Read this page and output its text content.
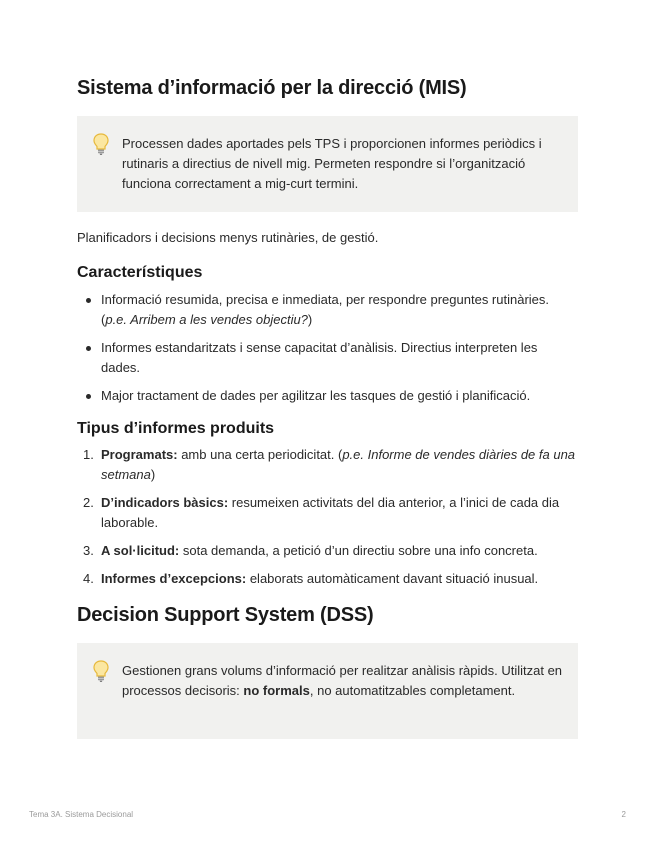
Sistema d’informació per la direcció (MIS)
Processen dades aportades pels TPS i proporcionen informes periòdics i rutinaris a directius de nivell mig. Permeten respondre si l’organització funciona correctament a mig-curt termini.

Planificadors i decisions menys rutinàries, de gestió.

Característiques
Informació resumida, precisa e inmediata, per respondre preguntes rutinàries. (p.e. Arribem a les vendes objectiu?)
Informes estandaritzats i sense capacitat d’anàlisis. Directius interpreten les dades.
Major tractament de dades per agilitzar les tasques de gestió i planificació.
Tipus d’informes produits
1. Programats: amb una certa periodicitat. (p.e. Informe de vendes diàries de fa una setmana)
2. D’indicadors bàsics: resumeixen activitats del dia anterior, a l’inici de cada dia laborable.
3. A sol·licitud: sota demanda, a petició d’un directiu sobre una info concreta.
4. Informes d’excepcions: elaborats automàticament davant situació inusual.
Decision Support System (DSS)
Gestionen grans volums d’informació per realitzar anàlisis ràpids. Utilitzat en processos decisoris: no formals, no automatitzables completament.
Tema 3A. Sistema Decisional	2
